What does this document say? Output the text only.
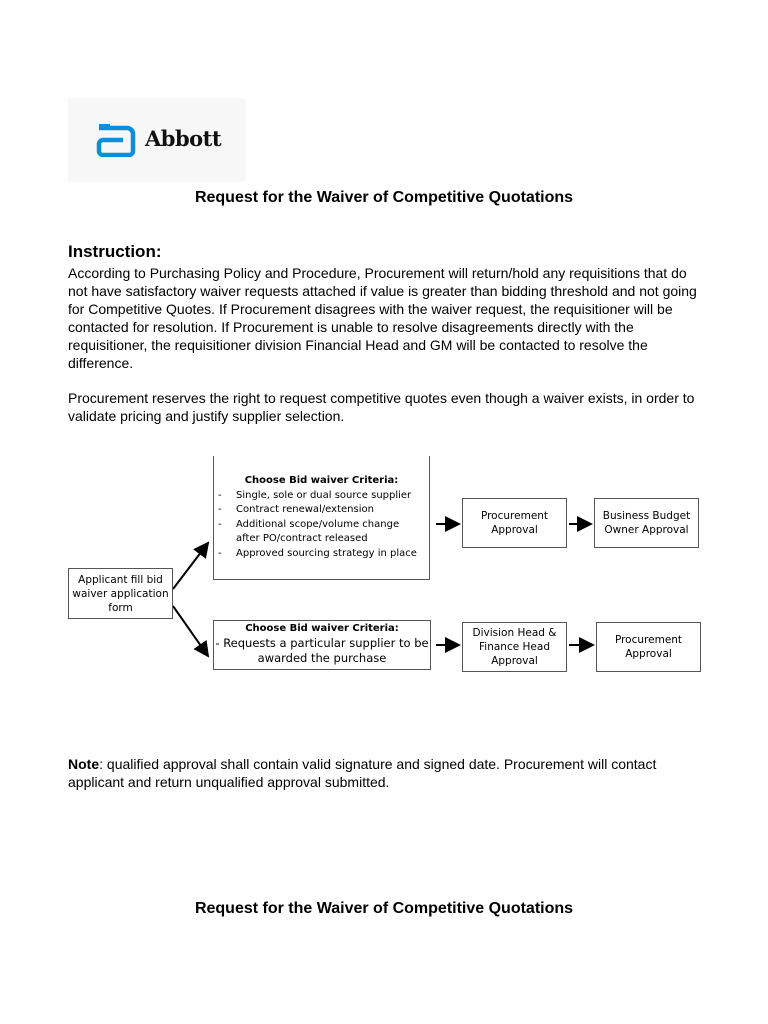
Abbott
Request for the Waiver of Competitive Quotations
Instruction:

According to Purchasing Policy and Procedure, Procurement will return/hold any requisitions that do not have satisfactory waiver requests attached if value is greater than bidding threshold and not going for Competitive Quotes. If Procurement disagrees with the waiver request, the requisitioner will be contacted for resolution. If Procurement is unable to resolve disagreements directly with the requisitioner, the requisitioner division Financial Head and GM will be contacted to resolve the difference.

Procurement reserves the right to request competitive quotes even though a waiver exists, in order to validate pricing and justify supplier selection.

Applicant fill bid waiver application form
Choose Bid waiver Criteria:
- Single, sole or dual source supplier
- Contract renewal/extension
- Additional scope/volume change after PO/contract released
- Approved sourcing strategy in place
Procurement Approval
Business Budget Owner Approval
Choose Bid waiver Criteria:
- Requests a particular supplier to be awarded the purchase
Division Head & Finance Head Approval
Procurement Approval
Note: qualified approval shall contain valid signature and signed date. Procurement will contact applicant and return unqualified approval submitted.
Request for the Waiver of Competitive Quotations
